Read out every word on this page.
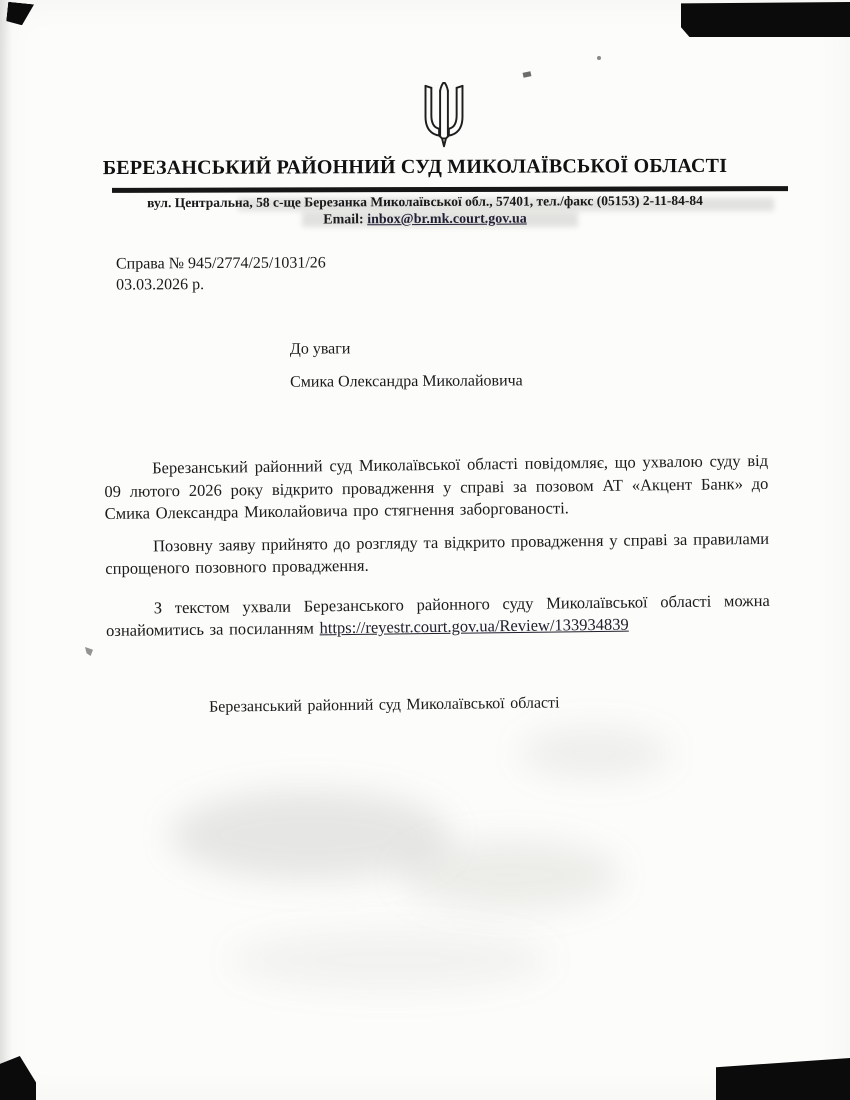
БЕРЕЗАНСЬКИЙ РАЙОННИЙ СУД МИКОЛАЇВСЬКОЇ ОБЛАСТІ
вул. Центральна, 58 с-ще Березанка Миколаївської обл., 57401, тел./факс (05153) 2-11-84-84
Email: inbox@br.mk.court.gov.ua
Справа № 945/2774/25/1031/26
03.03.2026 р.
До уваги
Смика Олександра Миколайовича

Березанський районний суд Миколаївської області повідомляє, що ухвалою суду від 09 лютого 2026 року відкрито провадження у справі за позовом АТ «Акцент Банк» до Смика Олександра Миколайовича про стягнення заборгованості.

Позовну заяву прийнято до розгляду та відкрито провадження у справі за правилами спрощеного позовного провадження.

З текстом ухвали Березанського районного суду Миколаївської області можна ознайомитись за посиланням https://reyestr.court.gov.ua/Review/133934839

Березанський районний суд Миколаївської області
